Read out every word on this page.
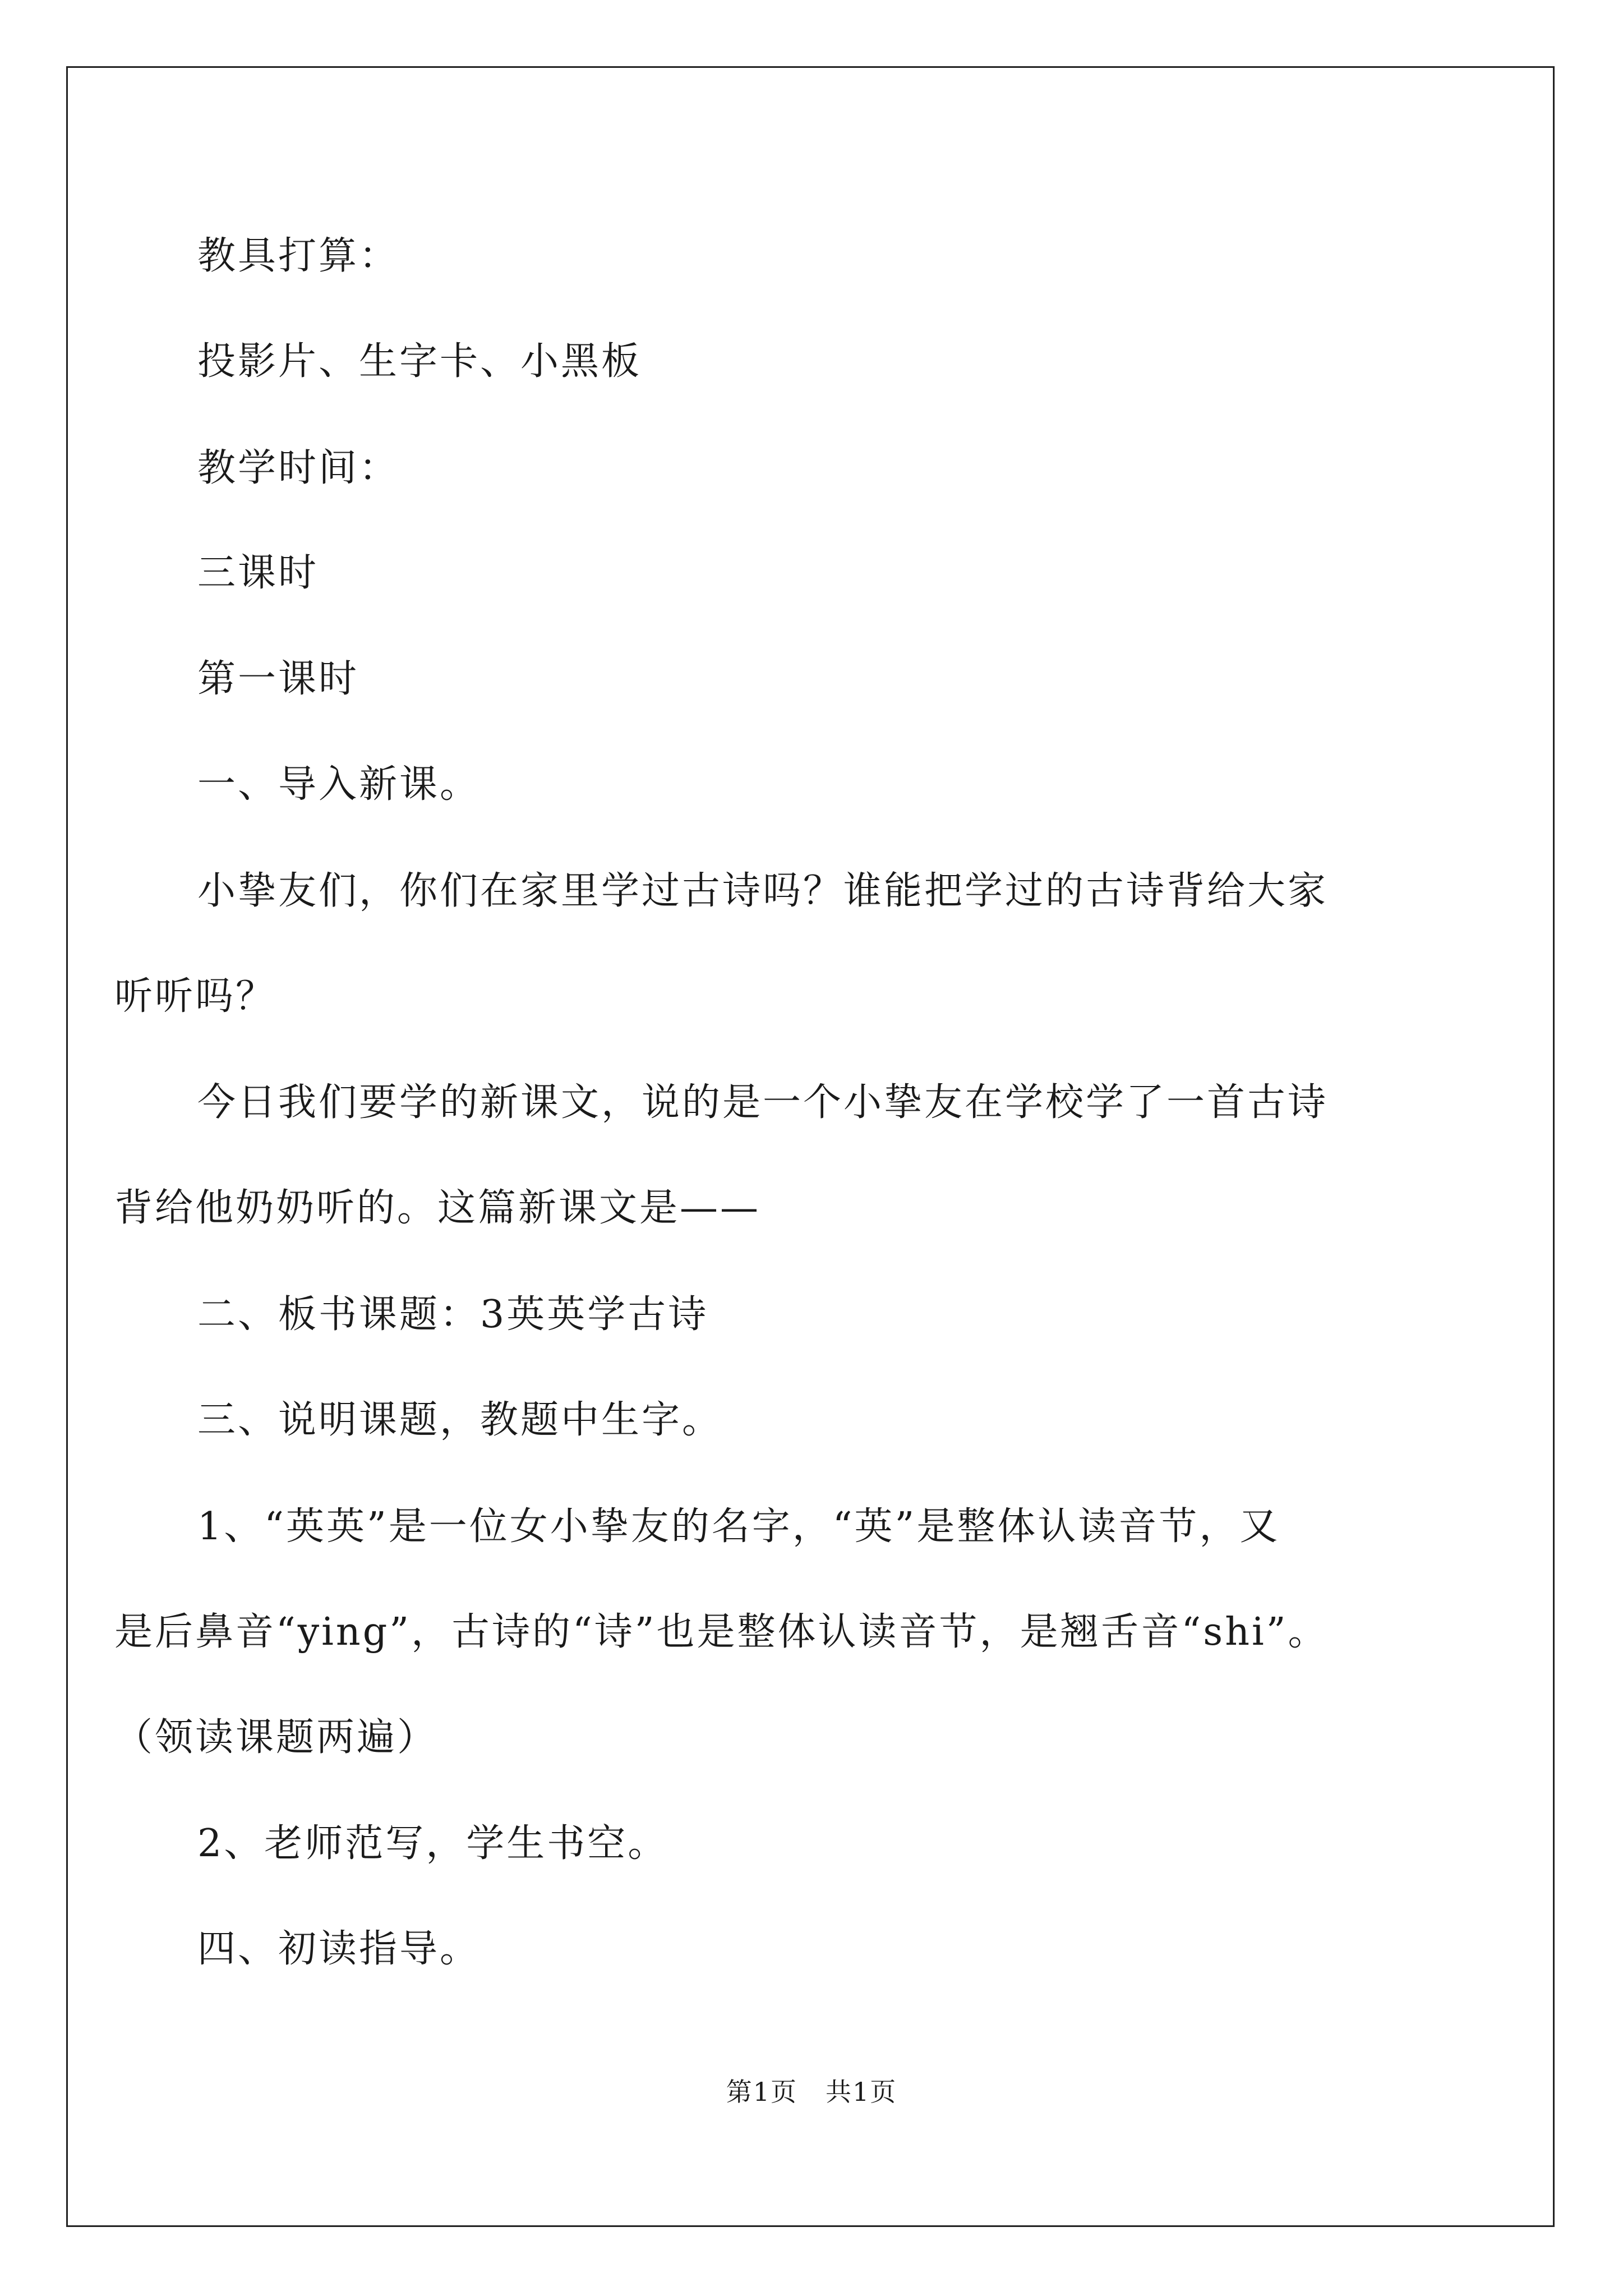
教具打算：
投影片、生字卡、小黑板
教学时间：
三课时
第一课时
一、导入新课。
小挚友们，你们在家里学过古诗吗？谁能把学过的古诗背给大家
听听吗？
今日我们要学的新课文，说的是一个小挚友在学校学了一首古诗
背给他奶奶听的。这篇新课文是——
二、板书课题：3英英学古诗
三、说明课题，教题中生字。
1、“英英”是一位女小挚友的名字，“英”是整体认读音节，又
是后鼻音“ying”，古诗的“诗”也是整体认读音节，是翘舌音“shi”。
（领读课题两遍）
2、老师范写，学生书空。
四、初读指导。
第1页 共1页
